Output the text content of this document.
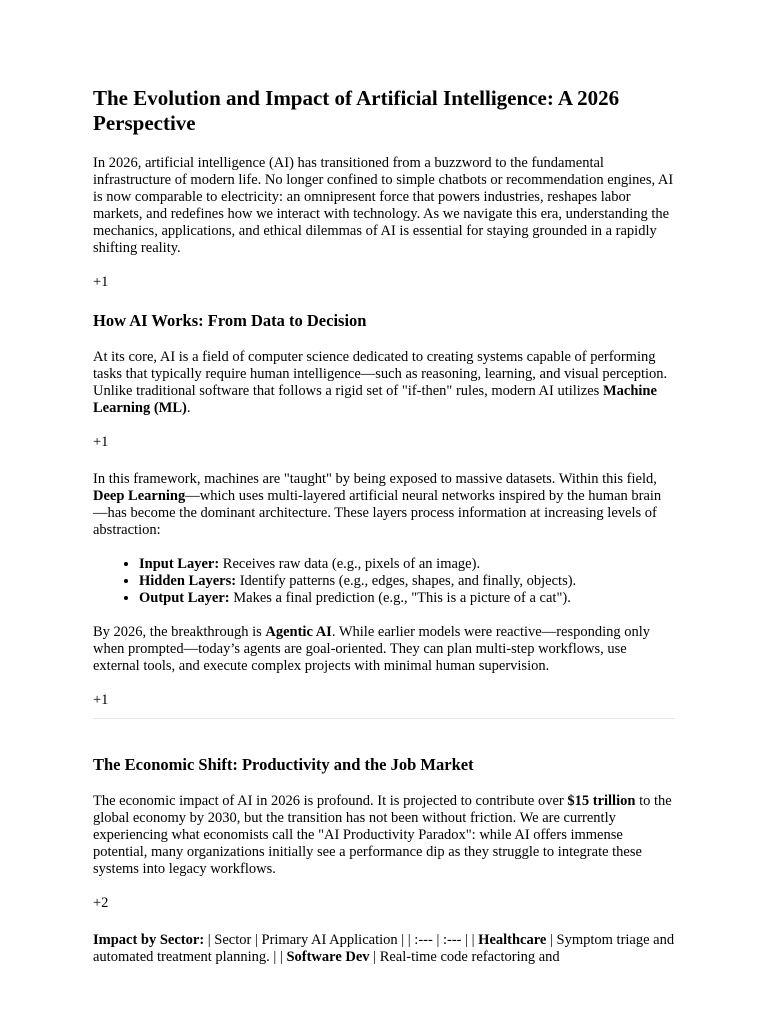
The Evolution and Impact of Artificial Intelligence: A 2026 Perspective

In 2026, artificial intelligence (AI) has transitioned from a buzzword to the fundamental infrastructure of modern life. No longer confined to simple chatbots or recommendation engines, AI is now comparable to electricity: an omnipresent force that powers industries, reshapes labor markets, and redefines how we interact with technology. As we navigate this era, understanding the mechanics, applications, and ethical dilemmas of AI is essential for staying grounded in a rapidly shifting reality.

+1

How AI Works: From Data to Decision

At its core, AI is a field of computer science dedicated to creating systems capable of performing tasks that typically require human intelligence—such as reasoning, learning, and visual perception. Unlike traditional software that follows a rigid set of "if-then" rules, modern AI utilizes Machine Learning (ML).

+1

In this framework, machines are "taught" by being exposed to massive datasets. Within this field, Deep Learning—which uses multi-layered artificial neural networks inspired by the human brain—has become the dominant architecture. These layers process information at increasing levels of abstraction:

• Input Layer: Receives raw data (e.g., pixels of an image).
• Hidden Layers: Identify patterns (e.g., edges, shapes, and finally, objects).
• Output Layer: Makes a final prediction (e.g., "This is a picture of a cat").

By 2026, the breakthrough is Agentic AI. While earlier models were reactive—responding only when prompted—today’s agents are goal-oriented. They can plan multi-step workflows, use external tools, and execute complex projects with minimal human supervision.

+1

The Economic Shift: Productivity and the Job Market

The economic impact of AI in 2026 is profound. It is projected to contribute over $15 trillion to the global economy by 2030, but the transition has not been without friction. We are currently experiencing what economists call the "AI Productivity Paradox": while AI offers immense potential, many organizations initially see a performance dip as they struggle to integrate these systems into legacy workflows.

+2

Impact by Sector: | Sector | Primary AI Application | | :--- | :--- | | Healthcare | Symptom triage and automated treatment planning. | | Software Dev | Real-time code refactoring and
